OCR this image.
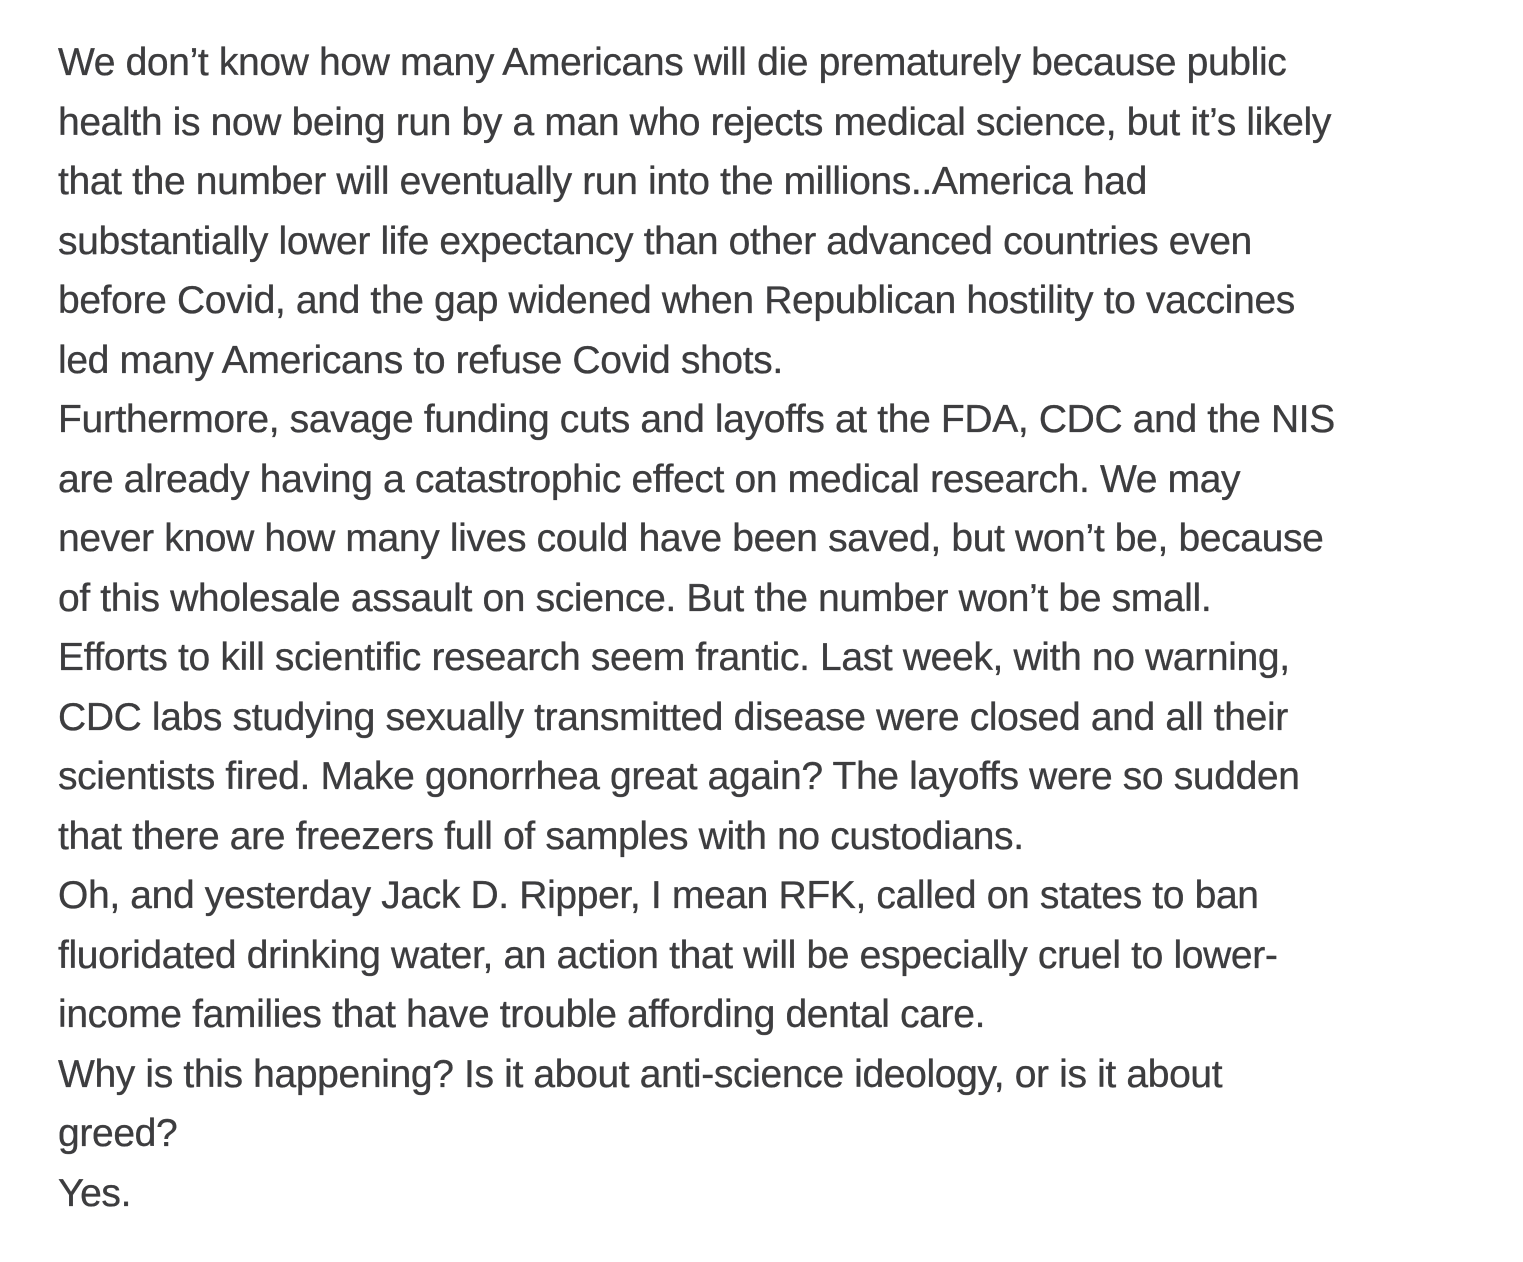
We don’t know how many Americans will die prematurely because public
health is now being run by a man who rejects medical science, but it’s likely
that the number will eventually run into the millions..America had
substantially lower life expectancy than other advanced countries even
before Covid, and the gap widened when Republican hostility to vaccines
led many Americans to refuse Covid shots.
Furthermore, savage funding cuts and layoffs at the FDA, CDC and the NIS
are already having a catastrophic effect on medical research. We may
never know how many lives could have been saved, but won’t be, because
of this wholesale assault on science. But the number won’t be small.
Efforts to kill scientific research seem frantic. Last week, with no warning,
CDC labs studying sexually transmitted disease were closed and all their
scientists fired. Make gonorrhea great again? The layoffs were so sudden
that there are freezers full of samples with no custodians.
Oh, and yesterday Jack D. Ripper, I mean RFK, called on states to ban
fluoridated drinking water, an action that will be especially cruel to lower-
income families that have trouble affording dental care.
Why is this happening? Is it about anti-science ideology, or is it about
greed?
Yes.
